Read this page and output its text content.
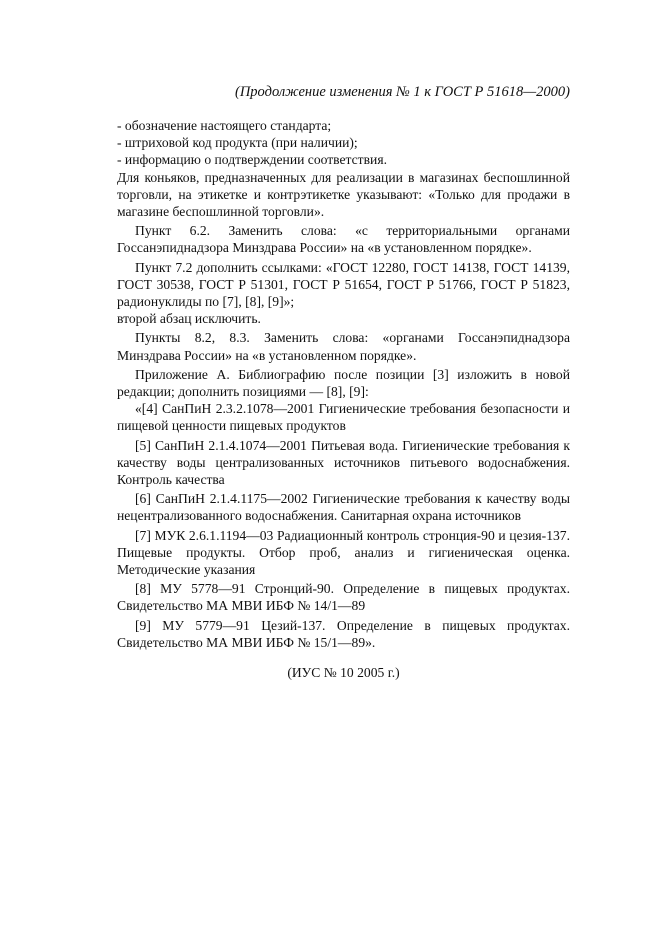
(Продолжение изменения № 1 к ГОСТ Р 51618—2000)

- обозначение настоящего стандарта;

- штриховой код продукта (при наличии);

- информацию о подтверждении соответствия.

Для коньяков, предназначенных для реализации в магазинах беспошлинной торговли, на этикетке и контрэтикетке указывают: «Только для продажи в магазине беспошлинной торговли».

Пункт 6.2. Заменить слова: «с территориальными органами Госсанэпиднадзора Минздрава России» на «в установленном порядке».

Пункт 7.2 дополнить ссылками: «ГОСТ 12280, ГОСТ 14138, ГОСТ 14139, ГОСТ 30538, ГОСТ Р 51301, ГОСТ Р 51654, ГОСТ Р 51766, ГОСТ Р 51823, радионуклиды по [7], [8], [9]»;

второй абзац исключить.

Пункты 8.2, 8.3. Заменить слова: «органами Госсанэпиднадзора Минздрава России» на «в установленном порядке».

Приложение А. Библиографию после позиции [3] изложить в новой редакции; дополнить позициями — [8], [9]:

«[4] СанПиН 2.3.2.1078—2001 Гигиенические требования безопасности и пищевой ценности пищевых продуктов

[5] СанПиН 2.1.4.1074—2001 Питьевая вода. Гигиенические требования к качеству воды централизованных источников питьевого водоснабжения. Контроль качества

[6] СанПиН 2.1.4.1175—2002 Гигиенические требования к качеству воды нецентрализованного водоснабжения. Санитарная охрана источников

[7] МУК 2.6.1.1194—03 Радиационный контроль стронция-90 и цезия-137. Пищевые продукты. Отбор проб, анализ и гигиеническая оценка. Методические указания

[8] МУ 5778—91 Стронций-90. Определение в пищевых продуктах. Свидетельство МА МВИ ИБФ № 14/1—89

[9] МУ 5779—91 Цезий-137. Определение в пищевых продуктах. Свидетельство МА МВИ ИБФ № 15/1—89».

(ИУС № 10 2005 г.)
